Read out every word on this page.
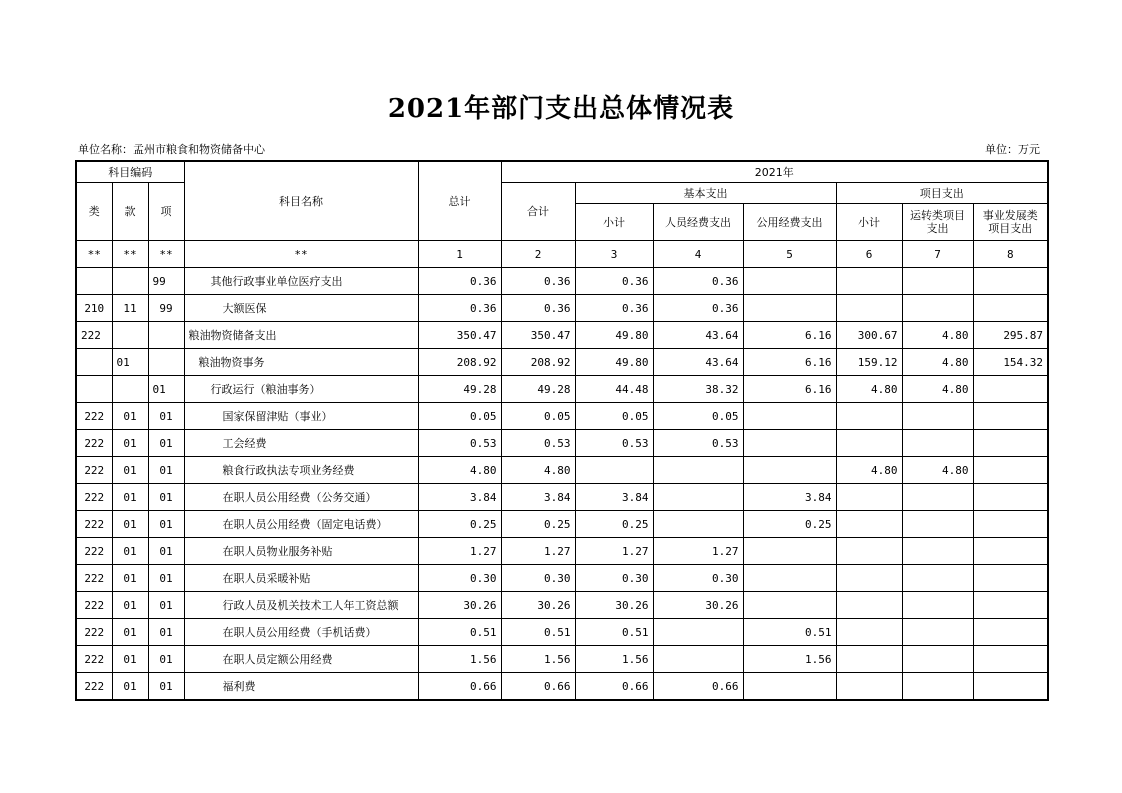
2021年部门支出总体情况表
单位名称：孟州市粮食和物资储备中心	单位：万元
科目编码			科目名称	总计	2021年						
类	款	项			合计	基本支出			项目支出		
						小计	人员经费支出	公用经费支出	小计	运转类项目支出	事业发展类项目支出
**	**	**	**	1	2	3	4	5	6	7	8
		99	其他行政事业单位医疗支出	0.36	0.36	0.36	0.36				
210	11	99	大额医保	0.36	0.36	0.36	0.36				
222			粮油物资储备支出	350.47	350.47	49.80	43.64	6.16	300.67	4.80	295.87
	01		粮油物资事务	208.92	208.92	49.80	43.64	6.16	159.12	4.80	154.32
		01	行政运行（粮油事务）	49.28	49.28	44.48	38.32	6.16	4.80	4.80	
222	01	01	国家保留津贴（事业）	0.05	0.05	0.05	0.05				
222	01	01	工会经费	0.53	0.53	0.53	0.53				
222	01	01	粮食行政执法专项业务经费	4.80	4.80				4.80	4.80	
222	01	01	在职人员公用经费（公务交通）	3.84	3.84	3.84		3.84			
222	01	01	在职人员公用经费（固定电话费）	0.25	0.25	0.25		0.25			
222	01	01	在职人员物业服务补贴	1.27	1.27	1.27	1.27				
222	01	01	在职人员采暖补贴	0.30	0.30	0.30	0.30				
222	01	01	行政人员及机关技术工人年工资总额	30.26	30.26	30.26	30.26				
222	01	01	在职人员公用经费（手机话费）	0.51	0.51	0.51		0.51			
222	01	01	在职人员定额公用经费	1.56	1.56	1.56		1.56			
222	01	01	福利费	0.66	0.66	0.66	0.66				
